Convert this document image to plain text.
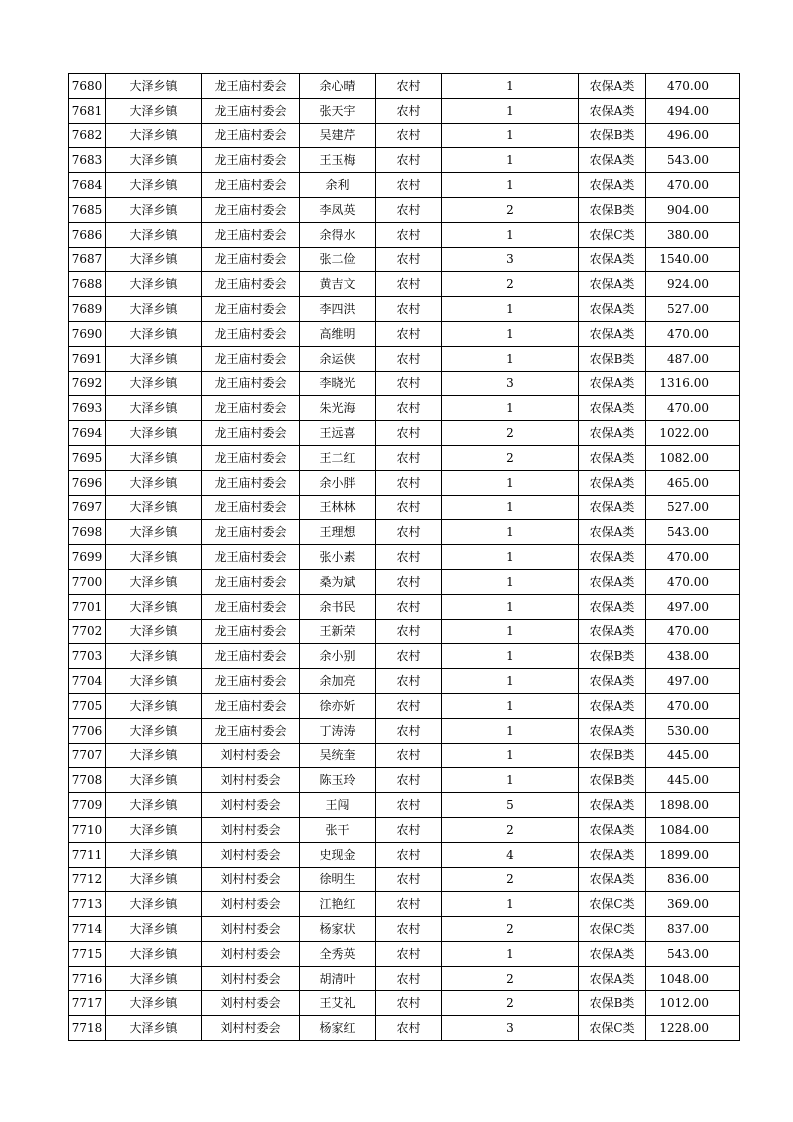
7680	大泽乡镇	龙王庙村委会	余心晴	农村	1	农保A类	470.00
7681	大泽乡镇	龙王庙村委会	张天宇	农村	1	农保A类	494.00
7682	大泽乡镇	龙王庙村委会	吴建芹	农村	1	农保B类	496.00
7683	大泽乡镇	龙王庙村委会	王玉梅	农村	1	农保A类	543.00
7684	大泽乡镇	龙王庙村委会	余利	农村	1	农保A类	470.00
7685	大泽乡镇	龙王庙村委会	李凤英	农村	2	农保B类	904.00
7686	大泽乡镇	龙王庙村委会	余得水	农村	1	农保C类	380.00
7687	大泽乡镇	龙王庙村委会	张二俭	农村	3	农保A类	1540.00
7688	大泽乡镇	龙王庙村委会	黄吉文	农村	2	农保A类	924.00
7689	大泽乡镇	龙王庙村委会	李四洪	农村	1	农保A类	527.00
7690	大泽乡镇	龙王庙村委会	高维明	农村	1	农保A类	470.00
7691	大泽乡镇	龙王庙村委会	余运侠	农村	1	农保B类	487.00
7692	大泽乡镇	龙王庙村委会	李晓光	农村	3	农保A类	1316.00
7693	大泽乡镇	龙王庙村委会	朱光海	农村	1	农保A类	470.00
7694	大泽乡镇	龙王庙村委会	王远喜	农村	2	农保A类	1022.00
7695	大泽乡镇	龙王庙村委会	王二红	农村	2	农保A类	1082.00
7696	大泽乡镇	龙王庙村委会	余小胖	农村	1	农保A类	465.00
7697	大泽乡镇	龙王庙村委会	王林林	农村	1	农保A类	527.00
7698	大泽乡镇	龙王庙村委会	王理想	农村	1	农保A类	543.00
7699	大泽乡镇	龙王庙村委会	张小素	农村	1	农保A类	470.00
7700	大泽乡镇	龙王庙村委会	桑为斌	农村	1	农保A类	470.00
7701	大泽乡镇	龙王庙村委会	余书民	农村	1	农保A类	497.00
7702	大泽乡镇	龙王庙村委会	王新荣	农村	1	农保A类	470.00
7703	大泽乡镇	龙王庙村委会	余小别	农村	1	农保B类	438.00
7704	大泽乡镇	龙王庙村委会	余加亮	农村	1	农保A类	497.00
7705	大泽乡镇	龙王庙村委会	徐亦妡	农村	1	农保A类	470.00
7706	大泽乡镇	龙王庙村委会	丁涛涛	农村	1	农保A类	530.00
7707	大泽乡镇	刘村村委会	吴统奎	农村	1	农保B类	445.00
7708	大泽乡镇	刘村村委会	陈玉玲	农村	1	农保B类	445.00
7709	大泽乡镇	刘村村委会	王闯	农村	5	农保A类	1898.00
7710	大泽乡镇	刘村村委会	张干	农村	2	农保A类	1084.00
7711	大泽乡镇	刘村村委会	史现金	农村	4	农保A类	1899.00
7712	大泽乡镇	刘村村委会	徐明生	农村	2	农保A类	836.00
7713	大泽乡镇	刘村村委会	江艳红	农村	1	农保C类	369.00
7714	大泽乡镇	刘村村委会	杨家状	农村	2	农保C类	837.00
7715	大泽乡镇	刘村村委会	全秀英	农村	1	农保A类	543.00
7716	大泽乡镇	刘村村委会	胡清叶	农村	2	农保A类	1048.00
7717	大泽乡镇	刘村村委会	王艾礼	农村	2	农保B类	1012.00
7718	大泽乡镇	刘村村委会	杨家红	农村	3	农保C类	1228.00
